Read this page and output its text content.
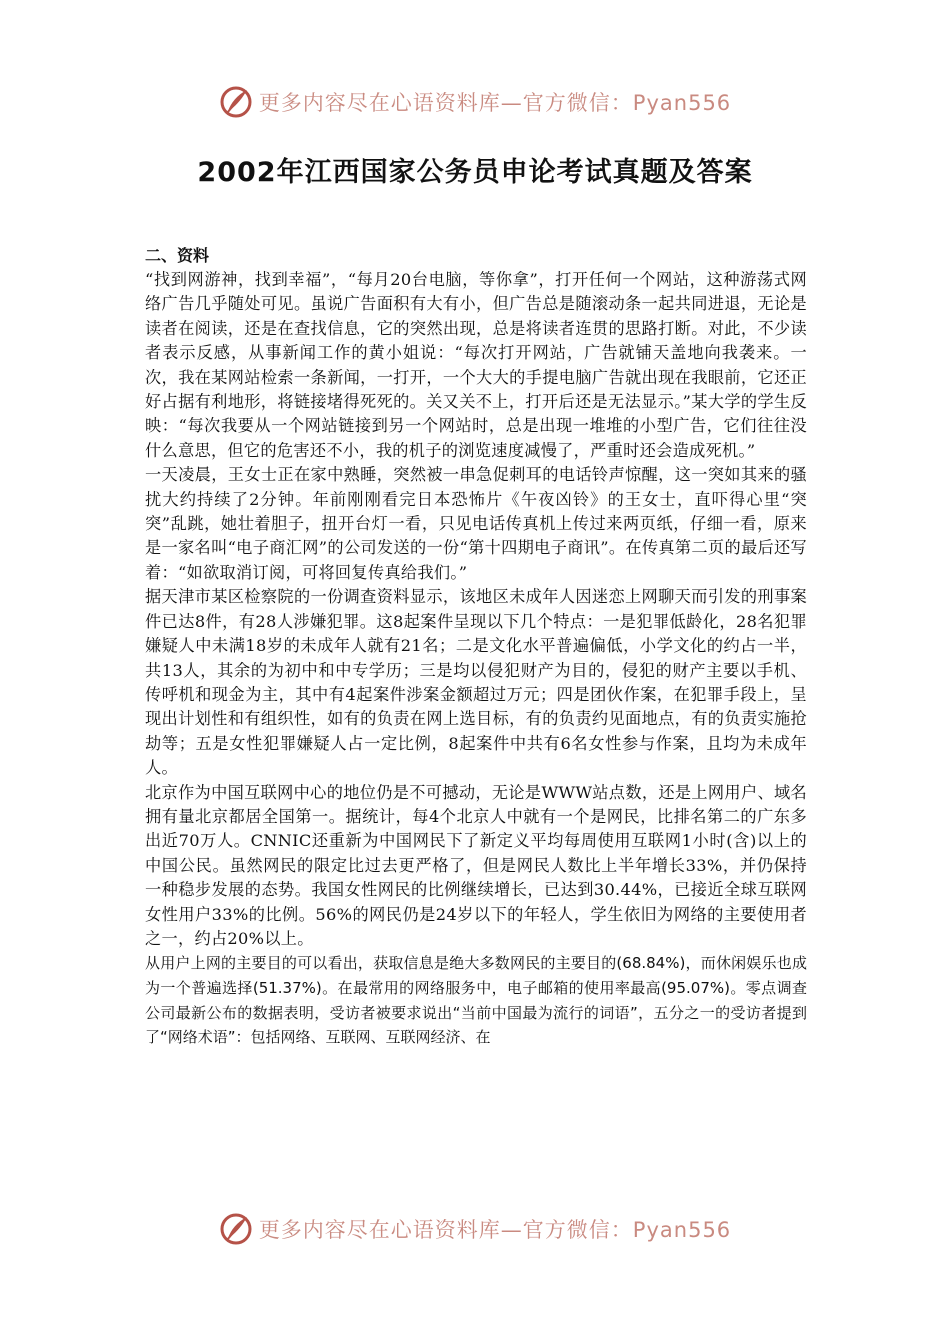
更多内容尽在心语资料库—官方微信：Pyan556
2002年江西国家公务员申论考试真题及答案

二、资料

“找到网游神，找到幸福”，“每月20台电脑，等你拿”，打开任何一个网站，这种游荡式网络广告几乎随处可见。虽说广告面积有大有小，但广告总是随滚动条一起共同进退，无论是读者在阅读，还是在查找信息，它的突然出现，总是将读者连贯的思路打断。对此，不少读者表示反感，从事新闻工作的黄小姐说：“每次打开网站，广告就铺天盖地向我袭来。一次，我在某网站检索一条新闻，一打开，一个大大的手提电脑广告就出现在我眼前，它还正好占据有利地形，将链接堵得死死的。关又关不上，打开后还是无法显示。”某大学的学生反映：“每次我要从一个网站链接到另一个网站时，总是出现一堆堆的小型广告，它们往往没什么意思，但它的危害还不小，我的机子的浏览速度减慢了，严重时还会造成死机。”

一天凌晨，王女士正在家中熟睡，突然被一串急促刺耳的电话铃声惊醒，这一突如其来的骚扰大约持续了2分钟。年前刚刚看完日本恐怖片《午夜凶铃》的王女士，直吓得心里“突突”乱跳，她壮着胆子，扭开台灯一看，只见电话传真机上传过来两页纸，仔细一看，原来是一家名叫“电子商汇网”的公司发送的一份“第十四期电子商讯”。在传真第二页的最后还写着：“如欲取消订阅，可将回复传真给我们。”

据天津市某区检察院的一份调查资料显示，该地区未成年人因迷恋上网聊天而引发的刑事案件已达8件，有28人涉嫌犯罪。这8起案件呈现以下几个特点：一是犯罪低龄化，28名犯罪嫌疑人中未满18岁的未成年人就有21名；二是文化水平普遍偏低，小学文化的约占一半，共13人，其余的为初中和中专学历；三是均以侵犯财产为目的，侵犯的财产主要以手机、传呼机和现金为主，其中有4起案件涉案金额超过万元；四是团伙作案，在犯罪手段上，呈现出计划性和有组织性，如有的负责在网上选目标，有的负责约见面地点，有的负责实施抢劫等；五是女性犯罪嫌疑人占一定比例，8起案件中共有6名女性参与作案，且均为未成年人。

北京作为中国互联网中心的地位仍是不可撼动，无论是WWW站点数，还是上网用户、域名拥有量北京都居全国第一。据统计，每4个北京人中就有一个是网民，比排名第二的广东多出近70万人。CNNIC还重新为中国网民下了新定义平均每周使用互联网1小时(含)以上的中国公民。虽然网民的限定比过去更严格了，但是网民人数比上半年增长33%，并仍保持一种稳步发展的态势。我国女性网民的比例继续增长，已达到30.44%，已接近全球互联网女性用户33%的比例。56%的网民仍是24岁以下的年轻人，学生依旧为网络的主要使用者之一，约占20%以上。

从用户上网的主要目的可以看出，获取信息是绝大多数网民的主要目的(68.84%)，而休闲娱乐也成为一个普遍选择(51.37%)。在最常用的网络服务中，电子邮箱的使用率最高(95.07%)。零点调查公司最新公布的数据表明，受访者被要求说出“当前中国最为流行的词语”，五分之一的受访者提到了“网络术语”：包括网络、互联网、互联网经济、在

更多内容尽在心语资料库—官方微信：Pyan556
